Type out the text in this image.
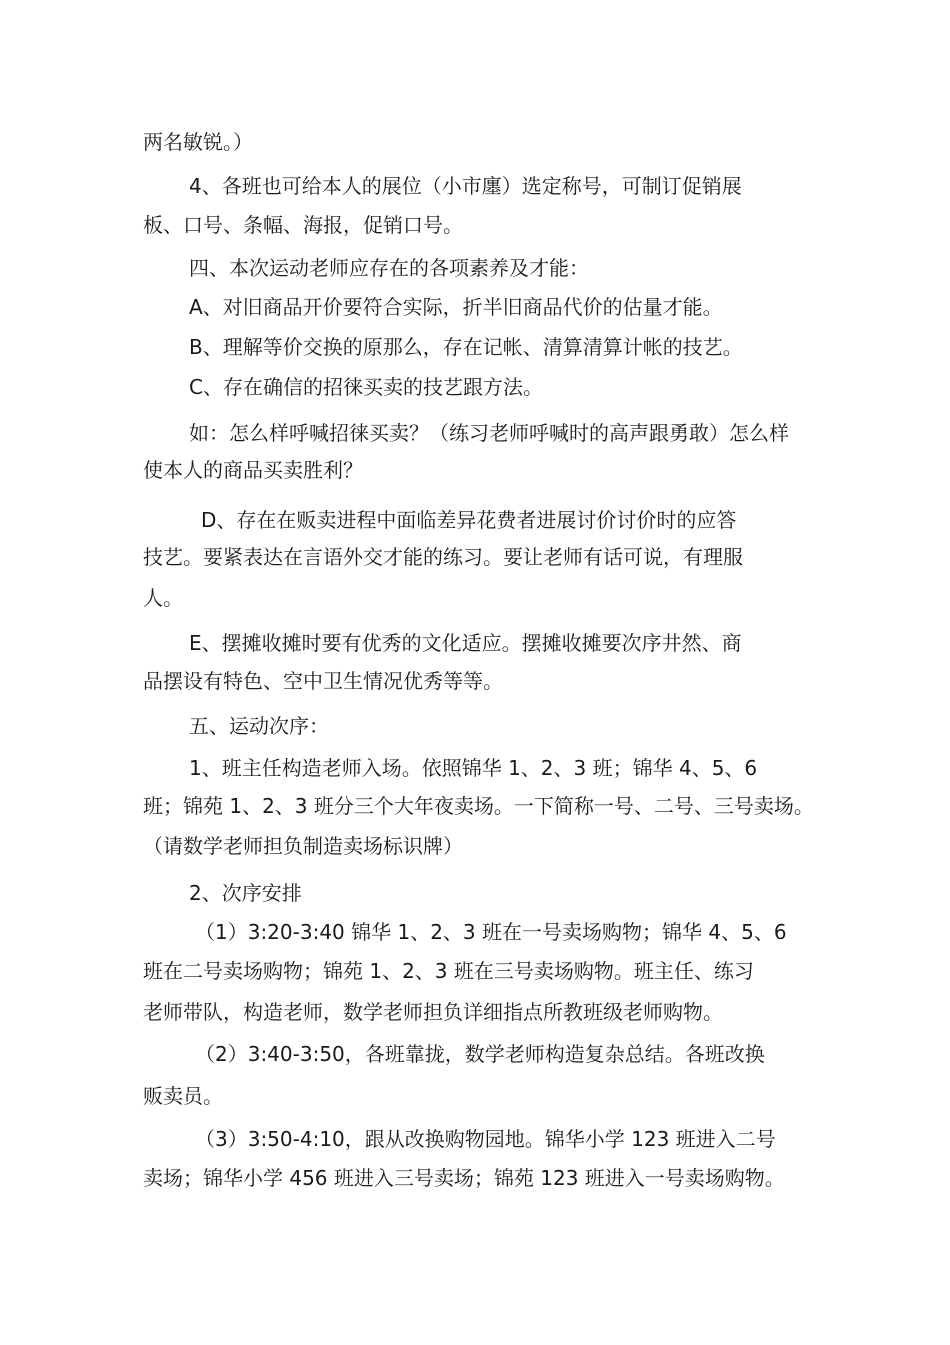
两名敏锐。）
4、各班也可给本人的展位（小市廛）选定称号，可制订促销展
板、口号、条幅、海报，促销口号。
四、本次运动老师应存在的各项素养及才能：
A、对旧商品开价要符合实际，折半旧商品代价的估量才能。
B、理解等价交换的原那么，存在记帐、清算清算计帐的技艺。
C、存在确信的招徕买卖的技艺跟方法。
如：怎么样呼喊招徕买卖？（练习老师呼喊时的高声跟勇敢）怎么样
使本人的商品买卖胜利？
D、存在在贩卖进程中面临差异花费者进展讨价讨价时的应答
技艺。要紧表达在言语外交才能的练习。要让老师有话可说，有理服
人。
E、摆摊收摊时要有优秀的文化适应。摆摊收摊要次序井然、商
品摆设有特色、空中卫生情况优秀等等。
五、运动次序：
1、班主任构造老师入场。依照锦华 1、2、3 班；锦华 4、5、6
班；锦苑 1、2、3 班分三个大年夜卖场。一下简称一号、二号、三号卖场。
（请数学老师担负制造卖场标识牌）
2、次序安排
（1）3:20-3:40 锦华 1、2、3 班在一号卖场购物；锦华 4、5、6
班在二号卖场购物；锦苑 1、2、3 班在三号卖场购物。班主任、练习
老师带队，构造老师，数学老师担负详细指点所教班级老师购物。
（2）3:40-3:50，各班靠拢，数学老师构造复杂总结。各班改换
贩卖员。
（3）3:50-4:10，跟从改换购物园地。锦华小学 123 班进入二号
卖场；锦华小学 456 班进入三号卖场；锦苑 123 班进入一号卖场购物。
